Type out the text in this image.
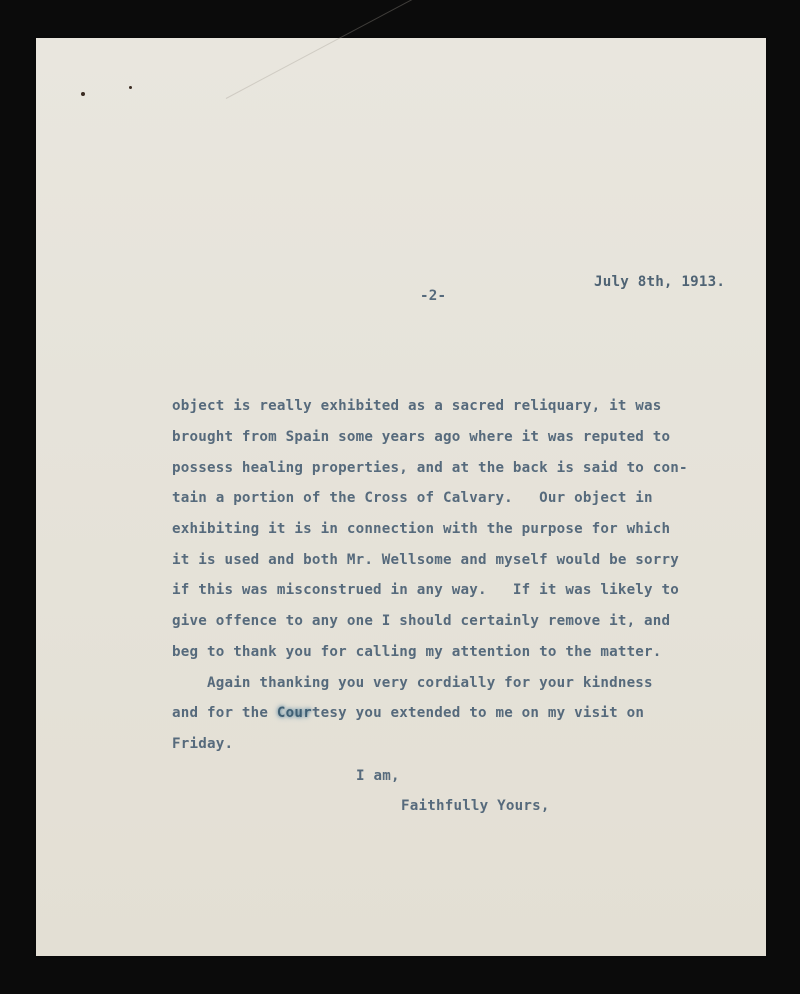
July 8th, 1913.
-2-
object is really exhibited as a sacred reliquary, it was
brought from Spain some years ago where it was reputed to
possess healing properties, and at the back is said to con-
tain a portion of the Cross of Calvary.   Our object in
exhibiting it is in connection with the purpose for which
it is used and both Mr. Wellsome and myself would be sorry
if this was misconstrued in any way.   If it was likely to
give offence to any one I should certainly remove it, and
beg to thank you for calling my attention to the matter.
Again thanking you very cordially for your kindness
and for the Courtesy you extended to me on my visit on
Friday.
I am,
Faithfully Yours,
